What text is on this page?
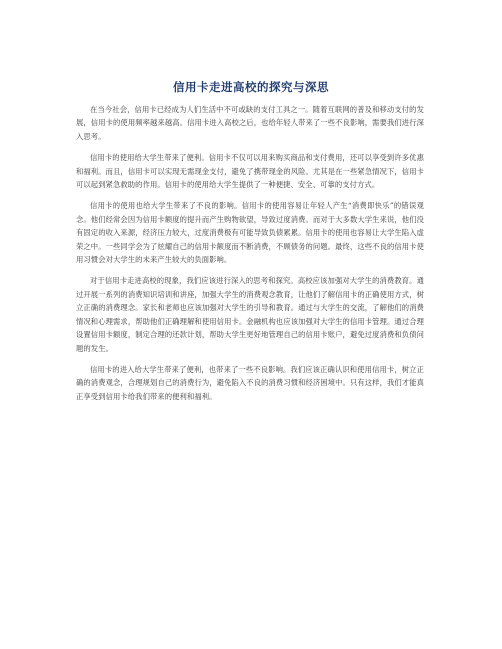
信用卡走进高校的探究与深思

在当今社会，信用卡已经成为人们生活中不可或缺的支付工具之一。随着互联网的普及和移动支付的发展，信用卡的使用频率越来越高。信用卡进入高校之后，也给年轻人带来了一些不良影响，需要我们进行深入思考。

信用卡的使用给大学生带来了便利。信用卡不仅可以用来购买商品和支付费用，还可以享受到许多优惠和福利。而且，信用卡可以实现无需现金支付，避免了携带现金的风险。尤其是在一些紧急情况下，信用卡可以起到紧急救助的作用。信用卡的使用给大学生提供了一种便捷、安全、可靠的支付方式。

信用卡的使用也给大学生带来了不良的影响。信用卡的使用容易让年轻人产生“消费即快乐”的错误观念。他们经常会因为信用卡额度的提升而产生购物欲望，导致过度消费。而对于大多数大学生来说，他们没有固定的收入来源，经济压力较大，过度消费极有可能导致负债累累。信用卡的使用也容易让大学生陷入虚荣之中。一些同学会为了炫耀自己的信用卡额度而不断消费，不顾债务的问题。最终，这些不良的信用卡使用习惯会对大学生的未来产生较大的负面影响。

对于信用卡走进高校的现象，我们应该进行深入的思考和探究。高校应该加强对大学生的消费教育。通过开展一系列的消费知识培训和讲座，加强大学生的消费观念教育，让他们了解信用卡的正确使用方式，树立正确的消费理念。家长和老师也应该加强对大学生的引导和教育。通过与大学生的交流，了解他们的消费情况和心理需求，帮助他们正确理解和使用信用卡。金融机构也应该加强对大学生的信用卡管理。通过合理设置信用卡额度，制定合理的还款计划，帮助大学生更好地管理自己的信用卡账户，避免过度消费和负债问题的发生。

信用卡的进入给大学生带来了便利，也带来了一些不良影响。我们应该正确认识和使用信用卡，树立正确的消费观念，合理规划自己的消费行为，避免陷入不良的消费习惯和经济困境中。只有这样，我们才能真正享受到信用卡给我们带来的便利和福利。
